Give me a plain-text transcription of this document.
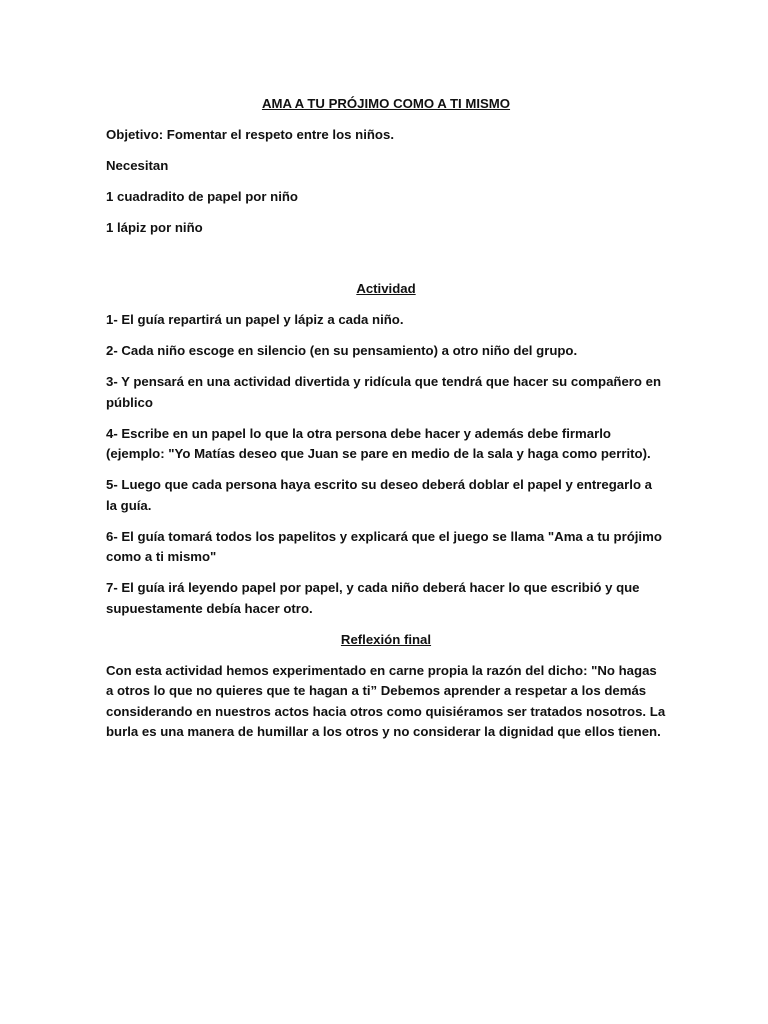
AMA A TU PRÓJIMO COMO A TI MISMO

Objetivo: Fomentar el respeto entre los niños.

Necesitan

1 cuadradito de papel por niño

1 lápiz por niño

Actividad

1- El guía repartirá un papel y lápiz a cada niño.

2- Cada niño escoge en silencio (en su pensamiento) a otro niño del grupo.

3- Y pensará en una actividad divertida y ridícula que tendrá que hacer su compañero en público

4- Escribe en un papel lo que la otra persona debe hacer y además debe firmarlo (ejemplo: "Yo Matías deseo que Juan se pare en medio de la sala y haga como perrito).

5- Luego que cada persona haya escrito su deseo deberá doblar el papel y entregarlo a la guía.

6- El guía tomará todos los papelitos y explicará que el juego se llama "Ama a tu prójimo como a ti mismo"

7- El guía irá leyendo papel por papel, y cada niño deberá hacer lo que escribió y que supuestamente debía hacer otro.

Reflexión final

Con esta actividad hemos experimentado en carne propia la razón del dicho: "No hagas a otros lo que no quieres que te hagan a ti” Debemos aprender a respetar a los demás considerando en nuestros actos hacia otros como quisiéramos ser tratados nosotros. La burla es una manera de humillar a los otros y no considerar la dignidad que ellos tienen.
